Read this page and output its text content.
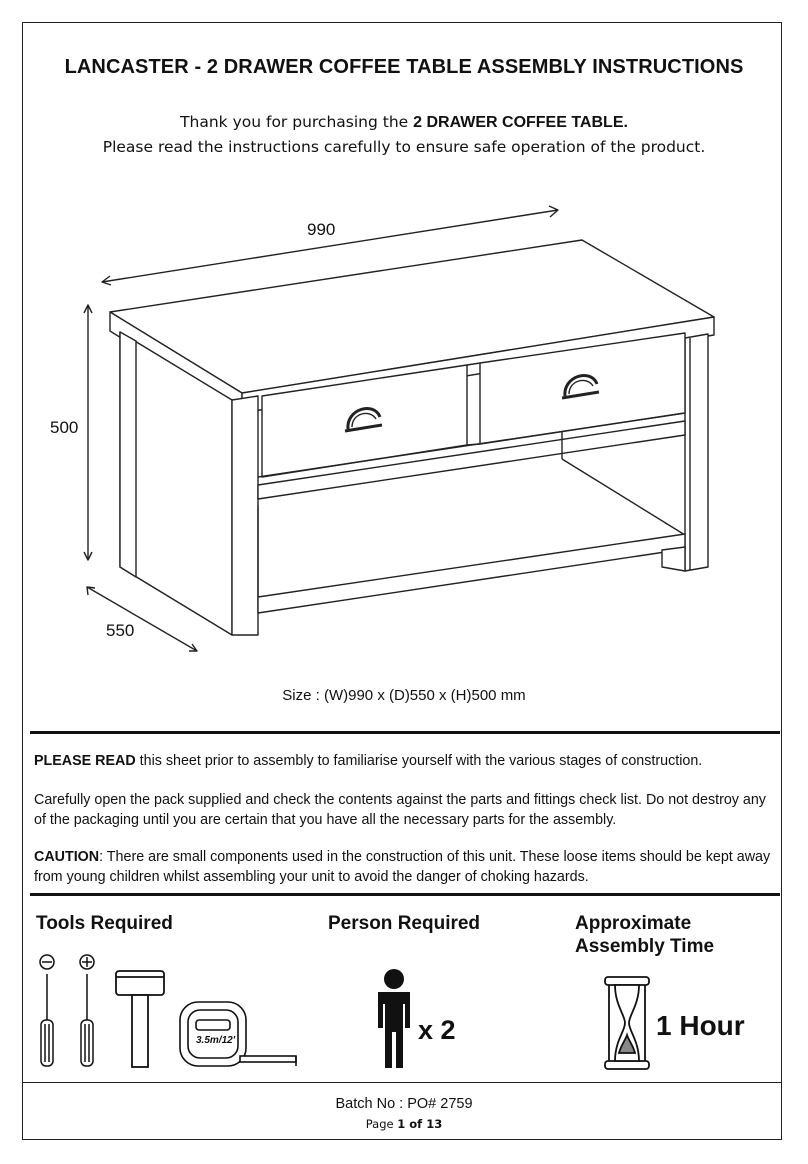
LANCASTER - 2 DRAWER COFFEE TABLE ASSEMBLY INSTRUCTIONS
Thank you for purchasing the 2 DRAWER COFFEE TABLE.
Please read the instructions carefully to ensure safe operation of the product.
990
500
550
Size : (W)990 x (D)550 x (H)500 mm
PLEASE READ this sheet prior to assembly to familiarise yourself with the various stages of construction.
Carefully open the pack supplied and check the contents against the parts and fittings check list. Do not destroy any of the packaging until you are certain that you have all the necessary parts for the assembly.
CAUTION: There are small components used in the construction of this unit. These loose items should be kept away from young children whilst assembling your unit to avoid the danger of choking hazards.
Tools Required	Person Required	Approximate
Assembly Time
3.5m/12'	x 2	1 Hour
Batch No : PO# 2759
Page 1 of 13
